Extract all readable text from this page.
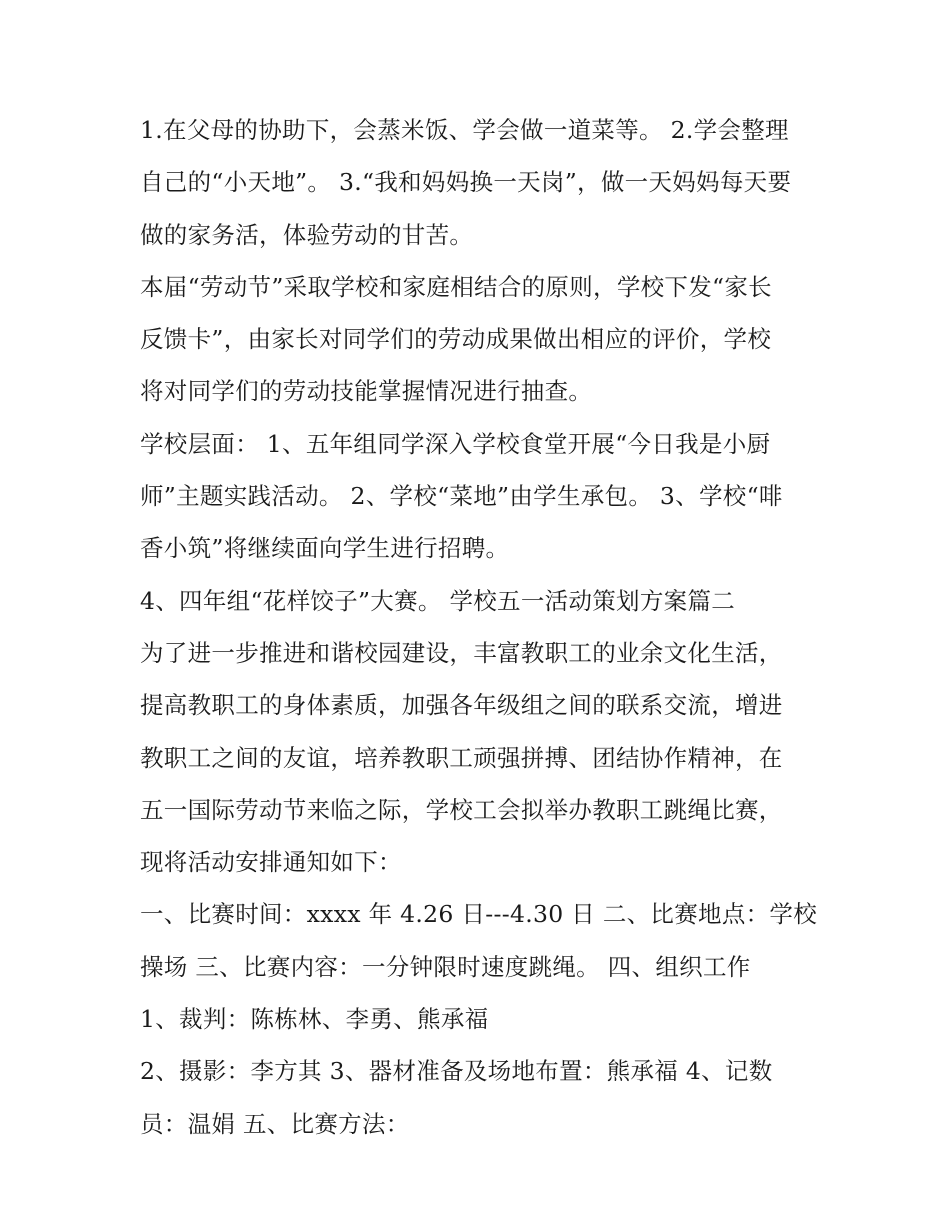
1.在父母的协助下，会蒸米饭、学会做一道菜等。 2.学会整理
自己的“小天地”。 3.“我和妈妈换一天岗”，做一天妈妈每天要
做的家务活，体验劳动的甘苦。
本届“劳动节”采取学校和家庭相结合的原则，学校下发“家长
反馈卡”，由家长对同学们的劳动成果做出相应的评价，学校
将对同学们的劳动技能掌握情况进行抽查。
学校层面： 1、五年组同学深入学校食堂开展“今日我是小厨
师”主题实践活动。 2、学校“菜地”由学生承包。 3、学校“啡
香小筑”将继续面向学生进行招聘。
4、四年组“花样饺子”大赛。 学校五一活动策划方案篇二
为了进一步推进和谐校园建设，丰富教职工的业余文化生活，
提高教职工的身体素质，加强各年级组之间的联系交流，增进
教职工之间的友谊，培养教职工顽强拼搏、团结协作精神，在
五一国际劳动节来临之际，学校工会拟举办教职工跳绳比赛，
现将活动安排通知如下：
一、比赛时间：xxxx 年 4.26 日---4.30 日 二、比赛地点：学校
操场 三、比赛内容：一分钟限时速度跳绳。 四、组织工作
1、裁判：陈栋林、李勇、熊承福
2、摄影：李方其 3、器材准备及场地布置：熊承福 4、记数
员：温娟 五、比赛方法：
